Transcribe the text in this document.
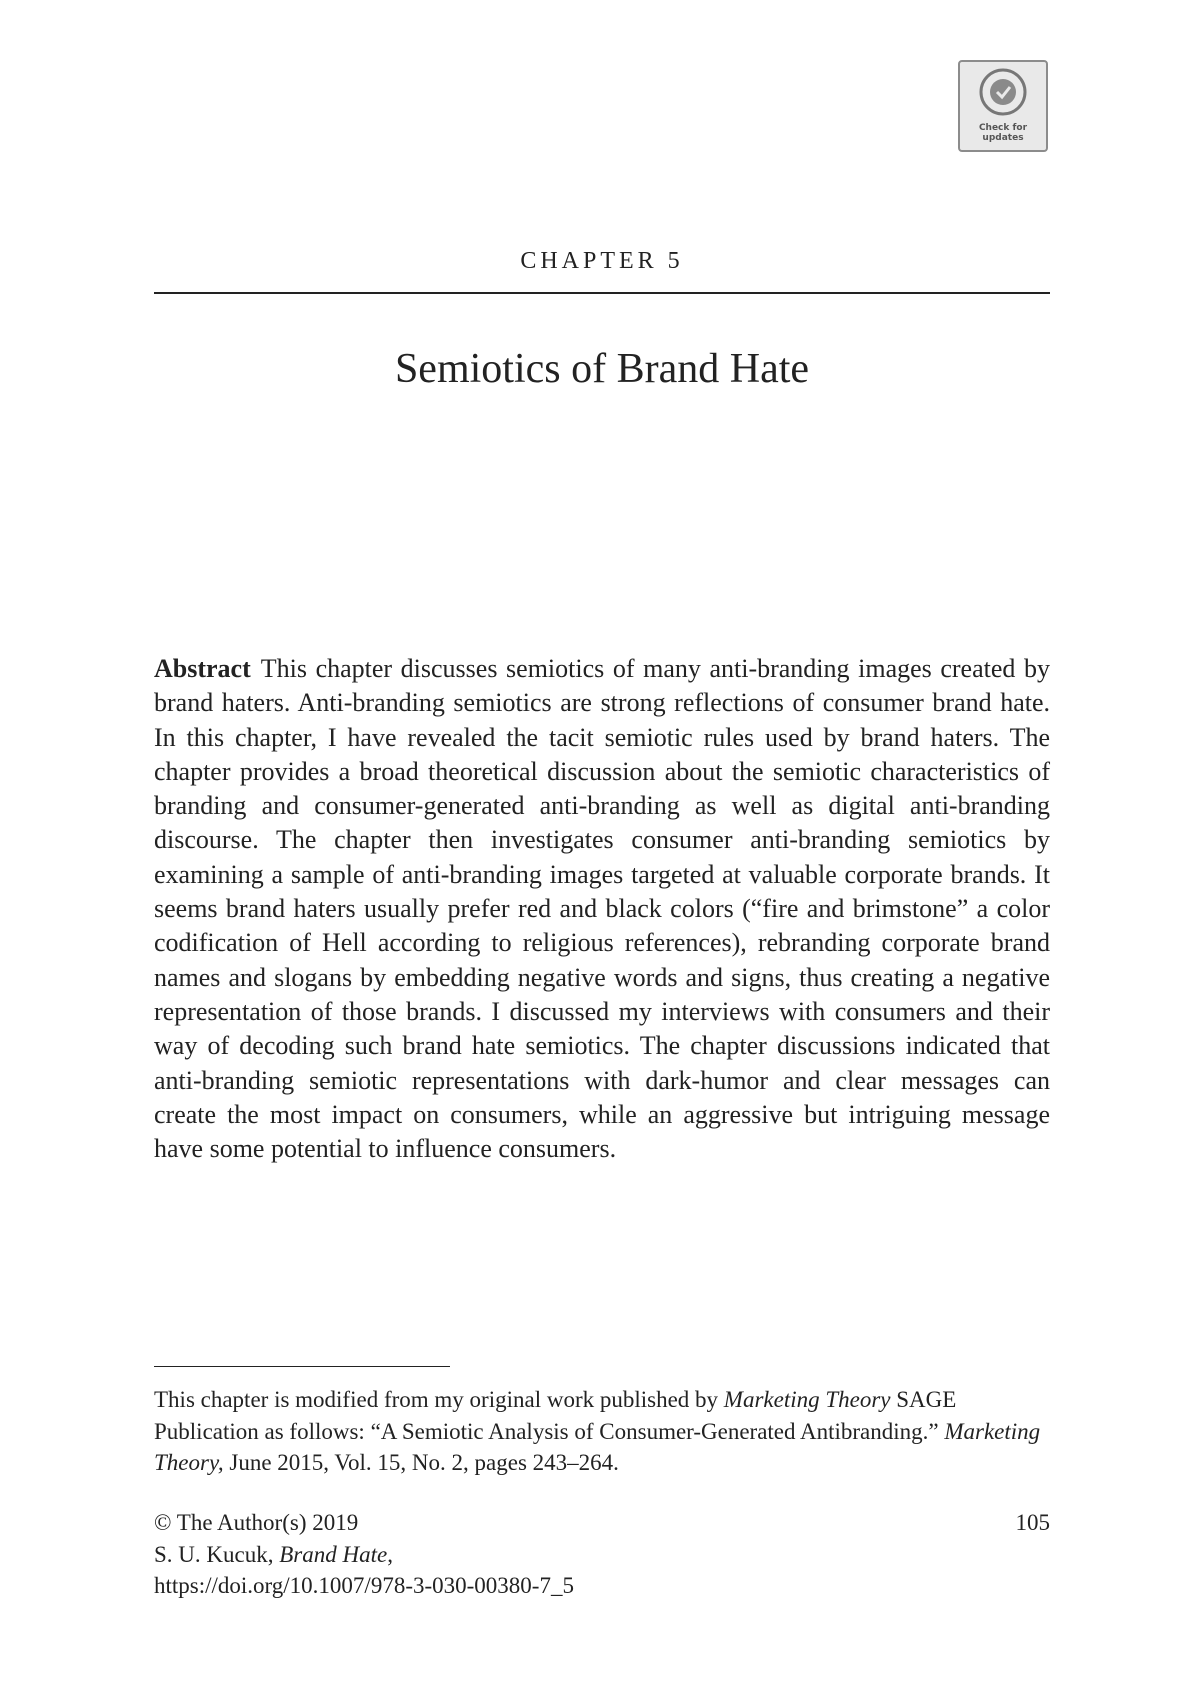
Check for
updates
CHAPTER 5
Semiotics of Brand Hate

Abstract This chapter discusses semiotics of many anti-branding images created by brand haters. Anti-branding semiotics are strong reflections of consumer brand hate. In this chapter, I have revealed the tacit semiotic rules used by brand haters. The chapter provides a broad theoretical discussion about the semiotic characteristics of branding and consumer-generated anti-branding as well as digital anti-branding discourse. The chapter then investigates consumer anti-branding semiotics by examining a sample of anti-branding images targeted at valuable corporate brands. It seems brand haters usually prefer red and black colors (“fire and brimstone” a color codification of Hell according to religious references), rebranding corporate brand names and slogans by embedding negative words and signs, thus creating a negative representation of those brands. I discussed my interviews with consumers and their way of decoding such brand hate semiotics. The chapter discussions indicated that anti-branding semiotic representations with dark-humor and clear messages can create the most impact on consumers, while an aggressive but intriguing message have some potential to influence consumers.

This chapter is modified from my original work published by Marketing Theory SAGE Publication as follows: “A Semiotic Analysis of Consumer-Generated Antibranding.” Marketing Theory, June 2015, Vol. 15, No. 2, pages 243–264.

© The Author(s) 2019	105
S. U. Kucuk, Brand Hate,
https://doi.org/10.1007/978-3-030-00380-7_5
